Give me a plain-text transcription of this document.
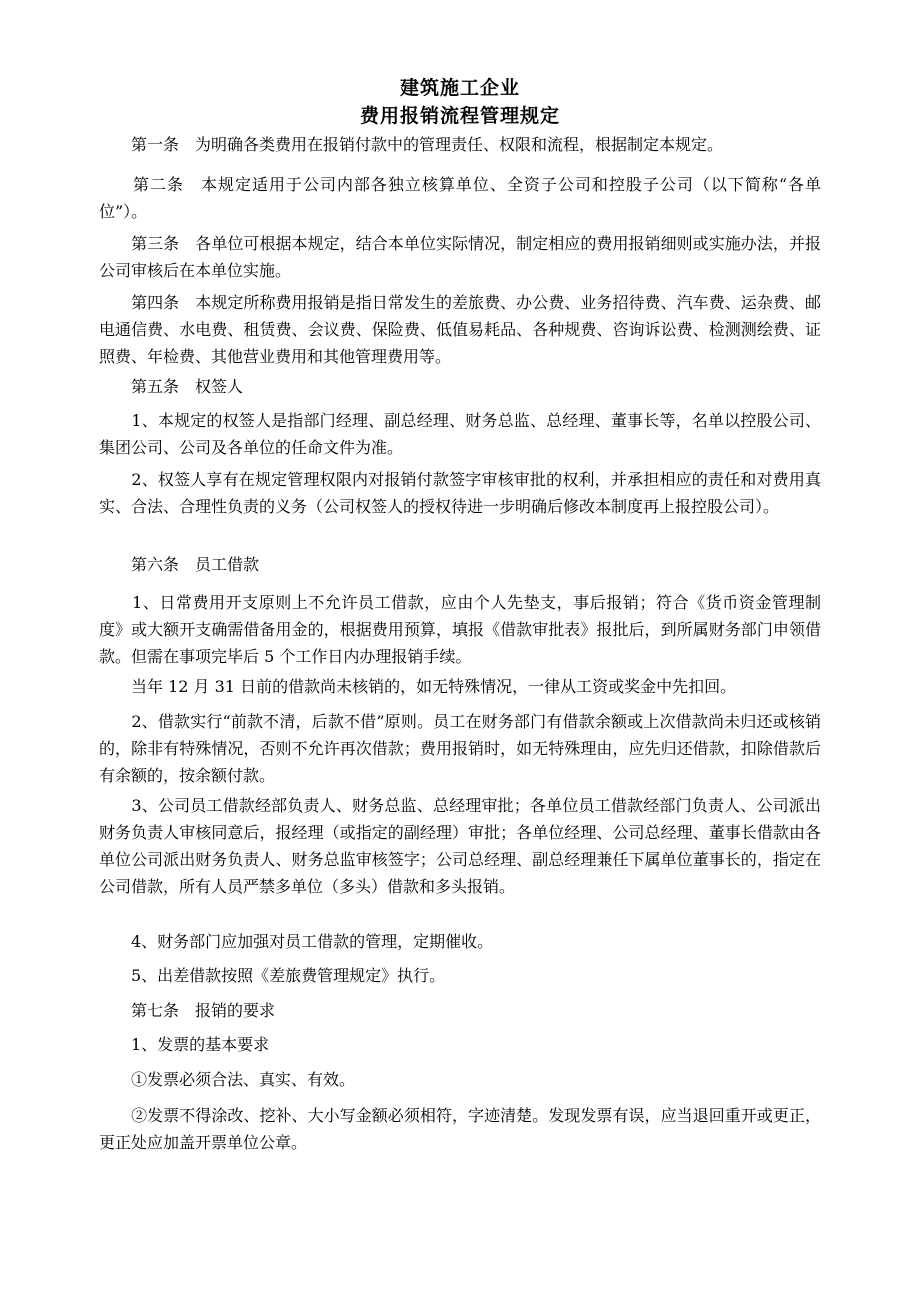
建筑施工企业
费用报销流程管理规定

　　第一条　为明确各类费用在报销付款中的管理责任、权限和流程，根据制定本规定。

　　第二条　本规定适用于公司内部各独立核算单位、全资子公司和控股子公司（以下简称“各单位”）。

　　第三条　各单位可根据本规定，结合本单位实际情况，制定相应的费用报销细则或实施办法，并报公司审核后在本单位实施。

　　第四条　本规定所称费用报销是指日常发生的差旅费、办公费、业务招待费、汽车费、运杂费、邮电通信费、水电费、租赁费、会议费、保险费、低值易耗品、各种规费、咨询诉讼费、检测测绘费、证照费、年检费、其他营业费用和其他管理费用等。

　　第五条　权签人

　　1、本规定的权签人是指部门经理、副总经理、财务总监、总经理、董事长等，名单以控股公司、集团公司、公司及各单位的任命文件为准。

　　2、权签人享有在规定管理权限内对报销付款签字审核审批的权利，并承担相应的责任和对费用真实、合法、合理性负责的义务（公司权签人的授权待进一步明确后修改本制度再上报控股公司）。

　　第六条　员工借款

　　1、日常费用开支原则上不允许员工借款，应由个人先垫支，事后报销；符合《货币资金管理制度》或大额开支确需借备用金的，根据费用预算，填报《借款审批表》报批后，到所属财务部门申领借款。但需在事项完毕后 5 个工作日内办理报销手续。

　　当年 12 月 31 日前的借款尚未核销的，如无特殊情况，一律从工资或奖金中先扣回。

　　2、借款实行“前款不清，后款不借”原则。员工在财务部门有借款余额或上次借款尚未归还或核销的，除非有特殊情况，否则不允许再次借款；费用报销时，如无特殊理由，应先归还借款，扣除借款后有余额的，按余额付款。

　　3、公司员工借款经部负责人、财务总监、总经理审批；各单位员工借款经部门负责人、公司派出财务负责人审核同意后，报经理（或指定的副经理）审批；各单位经理、公司总经理、董事长借款由各单位公司派出财务负责人、财务总监审核签字；公司总经理、副总经理兼任下属单位董事长的，指定在公司借款，所有人员严禁多单位（多头）借款和多头报销。

　　4、财务部门应加强对员工借款的管理，定期催收。

　　5、出差借款按照《差旅费管理规定》执行。

　　第七条　报销的要求

　　1、发票的基本要求

　　①发票必须合法、真实、有效。

　　②发票不得涂改、挖补、大小写金额必须相符，字迹清楚。发现发票有误，应当退回重开或更正，更正处应加盖开票单位公章。
